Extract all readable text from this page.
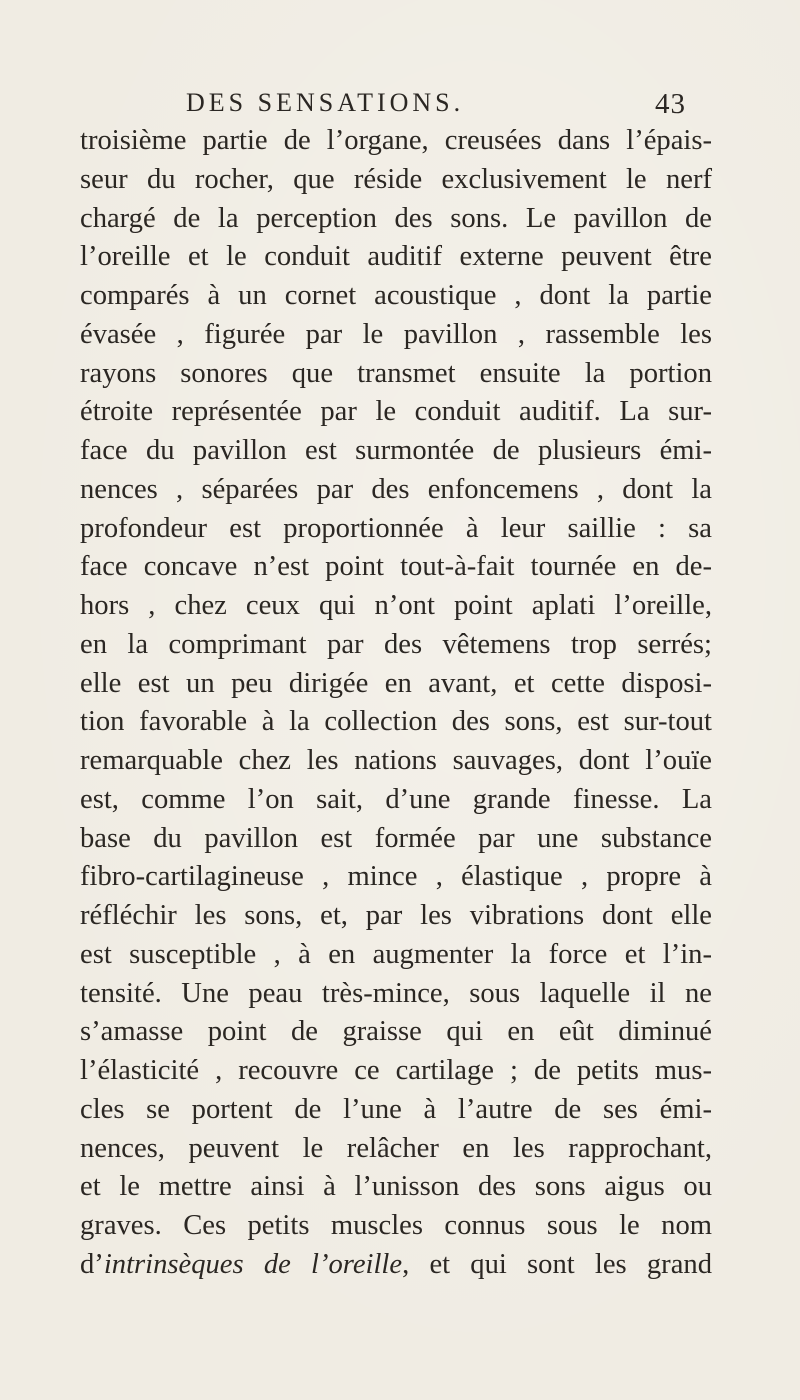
DES SENSATIONS.	43
troisième partie de l’organe, creusées dans l’épais-
seur du rocher, que réside exclusivement le nerf
chargé de la perception des sons. Le pavillon de
l’oreille et le conduit auditif externe peuvent être
comparés à un cornet acoustique , dont la partie
évasée , figurée par le pavillon , rassemble les
rayons sonores que transmet ensuite la portion
étroite représentée par le conduit auditif. La sur-
face du pavillon est surmontée de plusieurs émi-
nences , séparées par des enfoncemens , dont la
profondeur est proportionnée à leur saillie : sa
face concave n’est point tout-à-fait tournée en de-
hors , chez ceux qui n’ont point aplati l’oreille,
en la comprimant par des vêtemens trop serrés;
elle est un peu dirigée en avant, et cette disposi-
tion favorable à la collection des sons, est sur-tout
remarquable chez les nations sauvages, dont l’ouïe
est, comme l’on sait, d’une grande finesse. La
base du pavillon est formée par une substance
fibro-cartilagineuse , mince , élastique , propre à
réfléchir les sons, et, par les vibrations dont elle
est susceptible , à en augmenter la force et l’in-
tensité. Une peau très-mince, sous laquelle il ne
s’amasse point de graisse qui en eût diminué
l’élasticité , recouvre ce cartilage ; de petits mus-
cles se portent de l’une à l’autre de ses émi-
nences, peuvent le relâcher en les rapprochant,
et le mettre ainsi à l’unisson des sons aigus ou
graves. Ces petits muscles connus sous le nom
d’intrinsèques de l’oreille, et qui sont les grand
